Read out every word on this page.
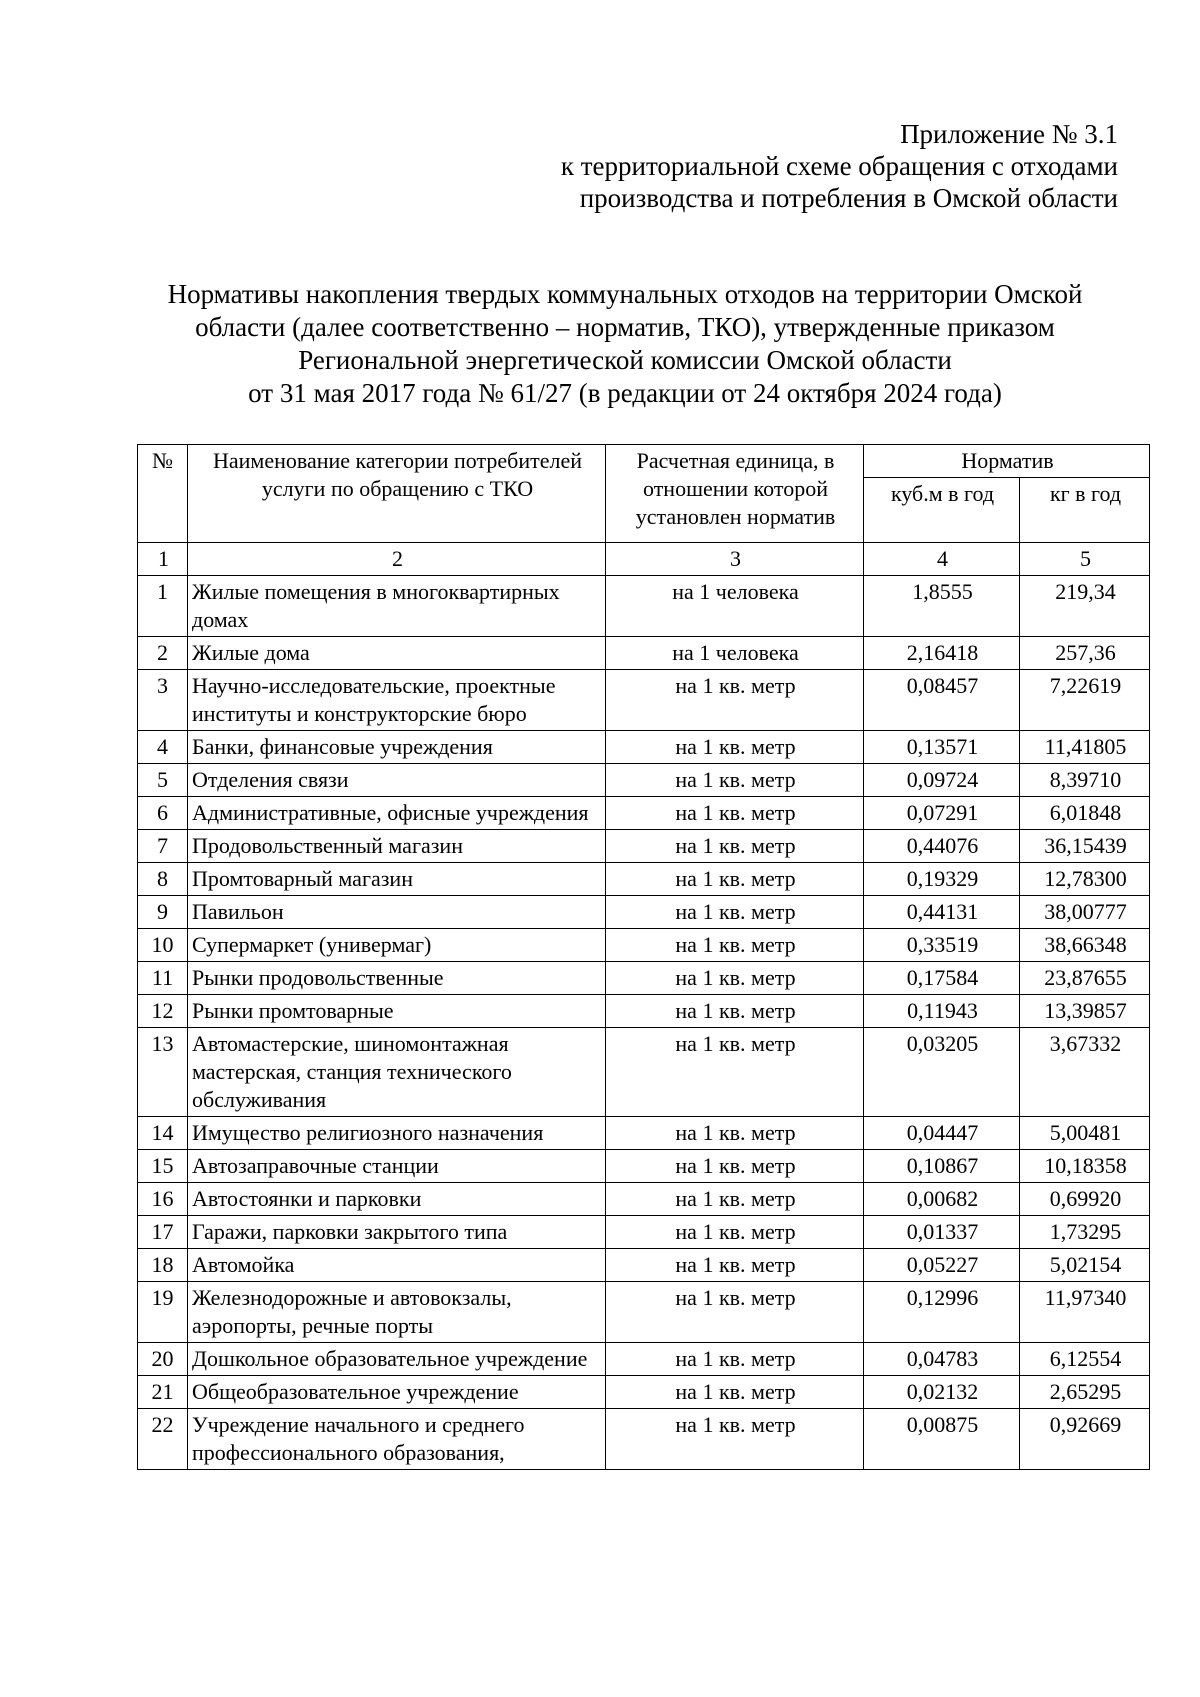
Приложение № 3.1
к территориальной схеме обращения с отходами
производства и потребления в Омской области
Нормативы накопления твердых коммунальных отходов на территории Омской
области (далее соответственно – норматив, ТКО), утвержденные приказом
Региональной энергетической комиссии Омской области
от 31 мая 2017 года № 61/27 (в редакции от 24 октября 2024 года)
№	Наименование категории потребителей услуги по обращению с ТКО	Расчетная единица, в отношении которой установлен норматив	Норматив	
			куб.м в год	кг в год
1	2	3	4	5
1	Жилые помещения в многоквартирных домах	на 1 человека	1,8555	219,34
2	Жилые дома	на 1 человека	2,16418	257,36
3	Научно-исследовательские, проектные институты и конструкторские бюро	на 1 кв. метр	0,08457	7,22619
4	Банки, финансовые учреждения	на 1 кв. метр	0,13571	11,41805
5	Отделения связи	на 1 кв. метр	0,09724	8,39710
6	Административные, офисные учреждения	на 1 кв. метр	0,07291	6,01848
7	Продовольственный магазин	на 1 кв. метр	0,44076	36,15439
8	Промтоварный магазин	на 1 кв. метр	0,19329	12,78300
9	Павильон	на 1 кв. метр	0,44131	38,00777
10	Супермаркет (универмаг)	на 1 кв. метр	0,33519	38,66348
11	Рынки продовольственные	на 1 кв. метр	0,17584	23,87655
12	Рынки промтоварные	на 1 кв. метр	0,11943	13,39857
13	Автомастерские, шиномонтажная мастерская, станция технического обслуживания	на 1 кв. метр	0,03205	3,67332
14	Имущество религиозного назначения	на 1 кв. метр	0,04447	5,00481
15	Автозаправочные станции	на 1 кв. метр	0,10867	10,18358
16	Автостоянки и парковки	на 1 кв. метр	0,00682	0,69920
17	Гаражи, парковки закрытого типа	на 1 кв. метр	0,01337	1,73295
18	Автомойка	на 1 кв. метр	0,05227	5,02154
19	Железнодорожные и автовокзалы, аэропорты, речные порты	на 1 кв. метр	0,12996	11,97340
20	Дошкольное образовательное учреждение	на 1 кв. метр	0,04783	6,12554
21	Общеобразовательное учреждение	на 1 кв. метр	0,02132	2,65295
22	Учреждение начального и среднего профессионального образования,	на 1 кв. метр	0,00875	0,92669
